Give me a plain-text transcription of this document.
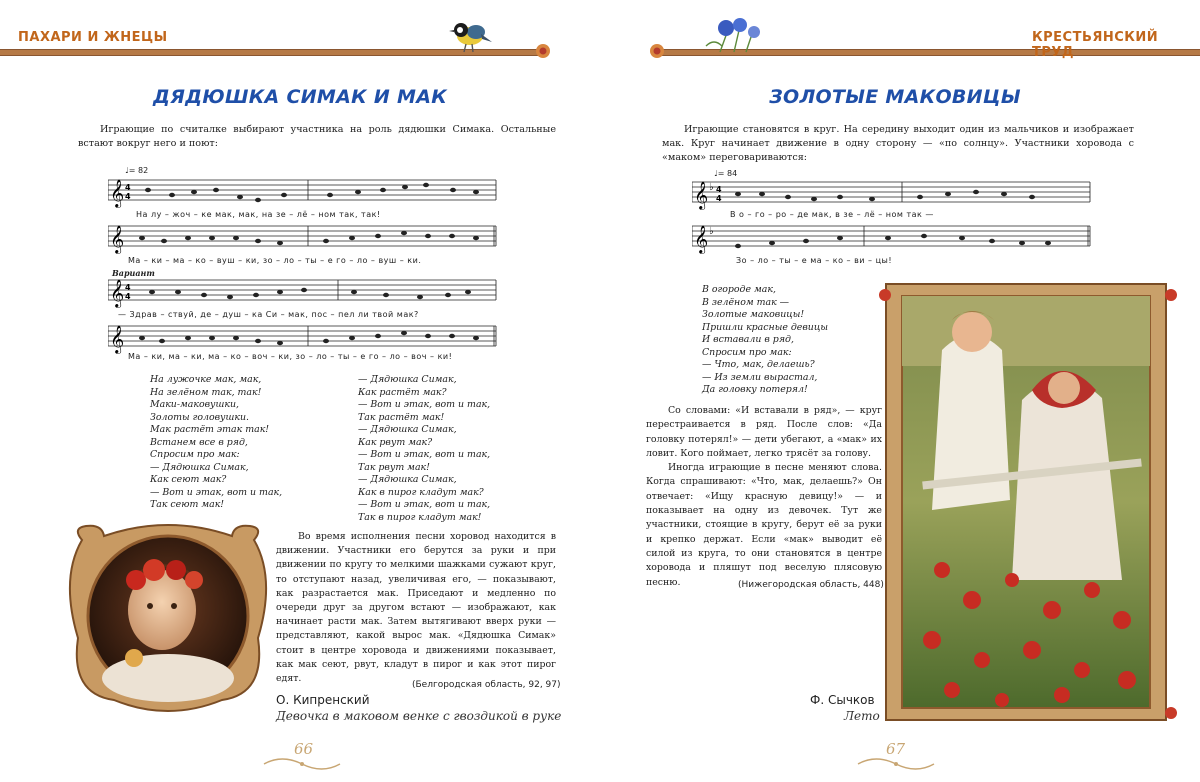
ПАХАРИ И ЖНЕЦЫ
ДЯДЮШКА СИМАК И МАК

Играющие по считалке выбирают участника на роль дядюшки Симака. Остальные встают вокруг него и поют:

♩= 82
𝄞 4
4
На лу – жоч – ке мак, мак, на зе – лё – ном так, так!
𝄞
Ма – ки – ма – ко – вуш – ки, зо – ло – ты – е го – ло – вуш – ки.
Вариант
𝄞 4
4
— Здрав – ствуй, де – душ – ка Си – мак, пос – пел ли твой мак?
𝄞
Ма – ки, ма – ки, ма – ко – вoч – ки, зо – ло – ты – е го – ло – воч – ки!
На лужочке мак, мак,
На зелёном так, так!
Маки-маковушки,
Золоты головушки.
Мак растёт этак так!
Встанем все в ряд,
Спросим про мак:
— Дядюшка Симак,
Как сеют мак?
— Вот и этак, вот и так,
Так сеют мак!
— Дядюшка Симак,
Как растёт мак?
— Вот и этак, вот и так,
Так растёт мак!
— Дядюшка Симак,
Как рвут мак?
— Вот и этак, вот и так,
Так рвут мак!
— Дядюшка Симак,
Как в пирог кладут мак?
— Вот и этак, вот и так,
Так в пирог кладут мак!

Во время исполнения песни хоровод находится в движении. Участники его берутся за руки и при движении по кругу то мелкими шажками сужают круг, то отступают назад, увеличивая его, — показывают, как разрастается мак. Приседают и медленно по очереди друг за другом встают — изображают, как начинает расти мак. Затем вытягивают вверх руки — представляют, какой вырос мак. «Дядюшка Симак» стоит в центре хоровода и движениями показывает, как мак сеют, рвут, кладут в пирог и как этот пирог едят.

(Белгородская область, 92, 97)
О. Кипренский
Девочка в маковом венке с гвоздикой в руке
66
КРЕСТЬЯНСКИЙ ТРУД
ЗОЛОТЫЕ МАКОВИЦЫ

Играющие становятся в круг. На середину выходит один из мальчиков и изображает мак. Круг начинает движение в одну сторону — «по солнцу». Участники хоровода с «маком» переговариваются:

♩= 84
𝄞 ♭ 4
4
В о – го – ро – де мак, в зе – лё – ном так —
𝄞 ♭
Зо – ло – ты – е ма – ко – ви – цы!
В огороде мак,
В зелёном так —
Золотые маковицы!
Пришли красные девицы
И вставали в ряд,
Спросим про мак:
— Что, мак, делаешь?
— Из земли вырастал,
Да головку потерял!

Со словами: «И вставали в ряд», — круг перестраивается в ряд. После слов: «Да головку потерял!» — дети убегают, а «мак» их ловит. Кого поймает, легко трясёт за голову.

Иногда играющие в песне меняют слова. Когда спрашивают: «Что, мак, делаешь?» Он отвечает: «Ищу красную девицу!» — и показывает на одну из девочек. Тут же участники, стоящие в кругу, берут её за руки и крепко держат. Если «мак» выводит её силой из круга, то они становятся в центре хоровода и пляшут под веселую плясовую песню.	(Нижегородская область, 448)
Ф. Сычков
Лето
67
